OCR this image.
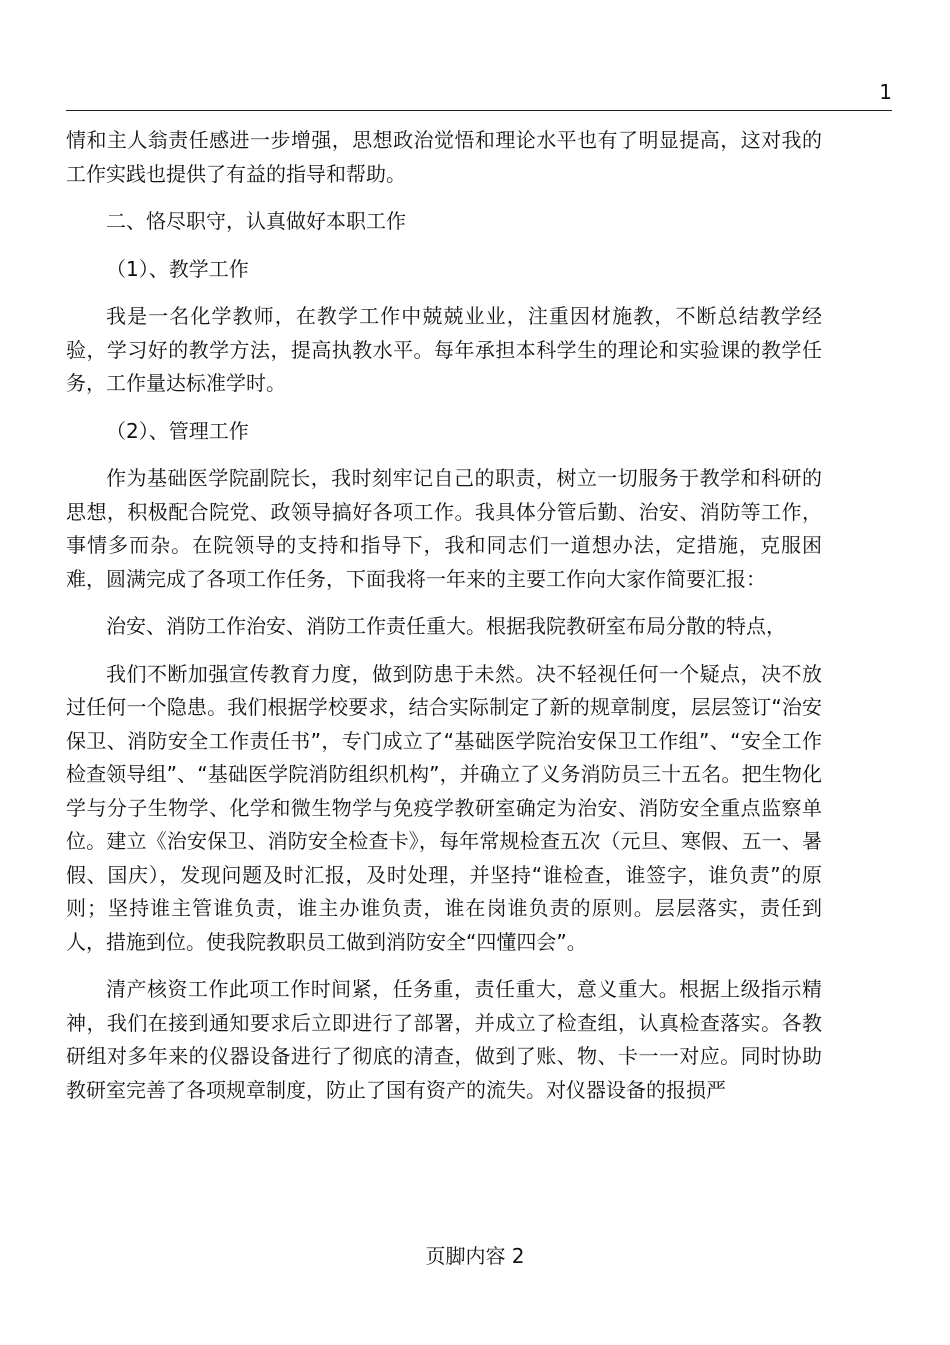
1

情和主人翁责任感进一步增强，思想政治觉悟和理论水平也有了明显提高，这对我的工作实践也提供了有益的指导和帮助。

二、恪尽职守，认真做好本职工作

（1）、教学工作

我是一名化学教师，在教学工作中兢兢业业，注重因材施教，不断总结教学经验，学习好的教学方法，提高执教水平。每年承担本科学生的理论和实验课的教学任务，工作量达标准学时。

（2）、管理工作

作为基础医学院副院长，我时刻牢记自己的职责，树立一切服务于教学和科研的思想，积极配合院党、政领导搞好各项工作。我具体分管后勤、治安、消防等工作，事情多而杂。在院领导的支持和指导下，我和同志们一道想办法，定措施，克服困难，圆满完成了各项工作任务，下面我将一年来的主要工作向大家作简要汇报：

治安、消防工作治安、消防工作责任重大。根据我院教研室布局分散的特点，

我们不断加强宣传教育力度，做到防患于未然。决不轻视任何一个疑点，决不放过任何一个隐患。我们根据学校要求，结合实际制定了新的规章制度，层层签订“治安保卫、消防安全工作责任书”，专门成立了“基础医学院治安保卫工作组”、“安全工作检查领导组”、“基础医学院消防组织机构”，并确立了义务消防员三十五名。把生物化学与分子生物学、化学和微生物学与免疫学教研室确定为治安、消防安全重点监察单位。建立《治安保卫、消防安全检查卡》，每年常规检查五次（元旦、寒假、五一、暑假、国庆），发现问题及时汇报，及时处理，并坚持“谁检查，谁签字，谁负责”的原则；坚持谁主管谁负责，谁主办谁负责，谁在岗谁负责的原则。层层落实，责任到人，措施到位。使我院教职员工做到消防安全“四懂四会”。

清产核资工作此项工作时间紧，任务重，责任重大，意义重大。根据上级指示精神，我们在接到通知要求后立即进行了部署，并成立了检查组，认真检查落实。各教研组对多年来的仪器设备进行了彻底的清查，做到了账、物、卡一一对应。同时协助教研室完善了各项规章制度，防止了国有资产的流失。对仪器设备的报损严

页脚内容 2
